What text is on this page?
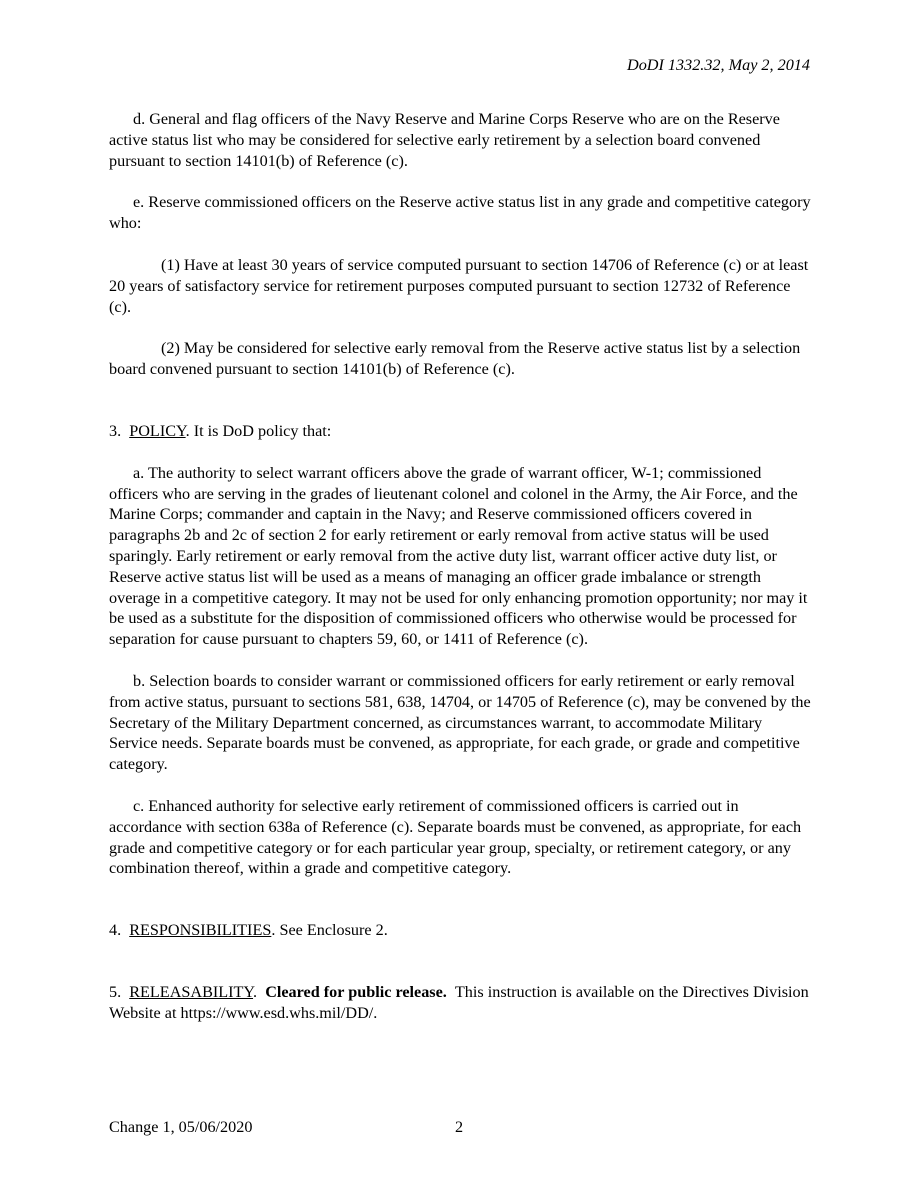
DoDI 1332.32, May 2, 2014

d. General and flag officers of the Navy Reserve and Marine Corps Reserve who are on the Reserve active status list who may be considered for selective early retirement by a selection board convened pursuant to section 14101(b) of Reference (c).

e. Reserve commissioned officers on the Reserve active status list in any grade and competitive category who:

(1) Have at least 30 years of service computed pursuant to section 14706 of Reference (c) or at least 20 years of satisfactory service for retirement purposes computed pursuant to section 12732 of Reference (c).

(2) May be considered for selective early removal from the Reserve active status list by a selection board convened pursuant to section 14101(b) of Reference (c).

3. POLICY. It is DoD policy that:

a. The authority to select warrant officers above the grade of warrant officer, W-1; commissioned officers who are serving in the grades of lieutenant colonel and colonel in the Army, the Air Force, and the Marine Corps; commander and captain in the Navy; and Reserve commissioned officers covered in paragraphs 2b and 2c of section 2 for early retirement or early removal from active status will be used sparingly. Early retirement or early removal from the active duty list, warrant officer active duty list, or Reserve active status list will be used as a means of managing an officer grade imbalance or strength overage in a competitive category. It may not be used for only enhancing promotion opportunity; nor may it be used as a substitute for the disposition of commissioned officers who otherwise would be processed for separation for cause pursuant to chapters 59, 60, or 1411 of Reference (c).

b. Selection boards to consider warrant or commissioned officers for early retirement or early removal from active status, pursuant to sections 581, 638, 14704, or 14705 of Reference (c), may be convened by the Secretary of the Military Department concerned, as circumstances warrant, to accommodate Military Service needs. Separate boards must be convened, as appropriate, for each grade, or grade and competitive category.

c. Enhanced authority for selective early retirement of commissioned officers is carried out in accordance with section 638a of Reference (c). Separate boards must be convened, as appropriate, for each grade and competitive category or for each particular year group, specialty, or retirement category, or any combination thereof, within a grade and competitive category.

4. RESPONSIBILITIES. See Enclosure 2.

5. RELEASABILITY. Cleared for public release. This instruction is available on the Directives Division Website at https://www.esd.whs.mil/DD/.

Change 1, 05/06/2020	2
